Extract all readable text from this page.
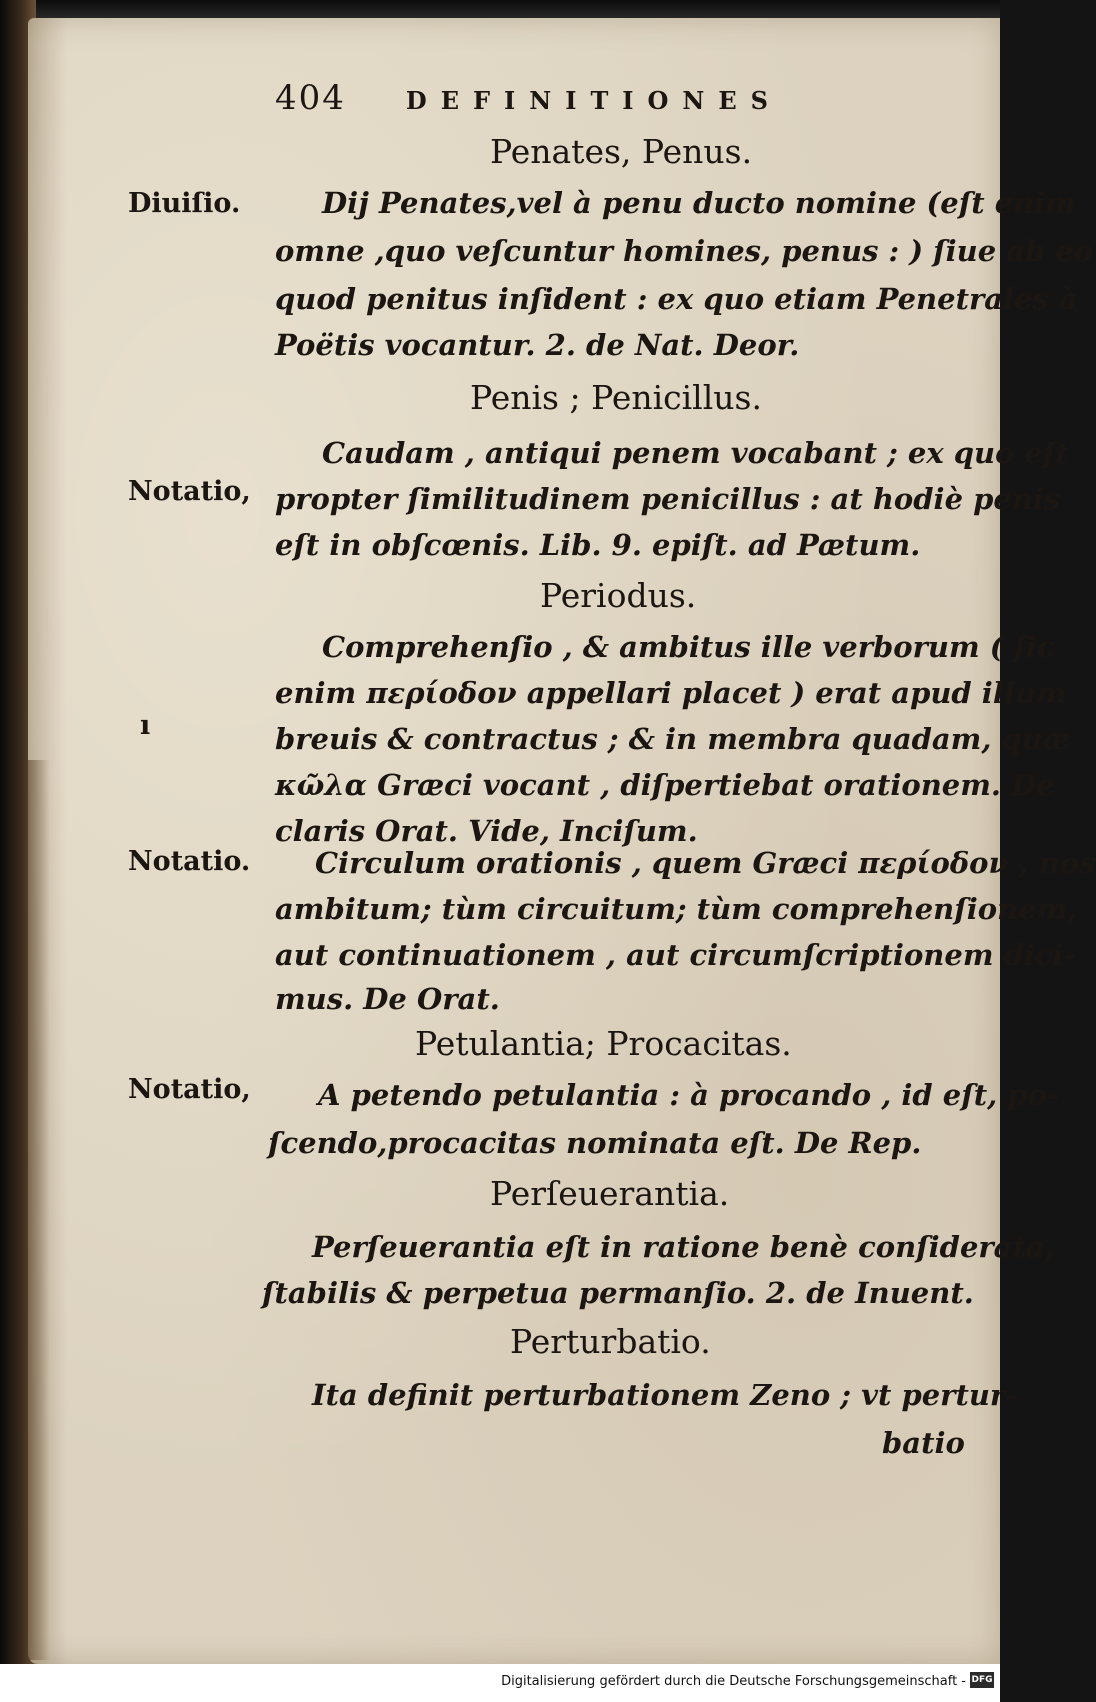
404	DEFINITIONES
Penates, Penus.
Diuiſio.	Dĳ Penates,vel à penu ducto nomine (eſt enim
omne ,quo veſcuntur homines, penus : ) ſiue ab eo
quod penitus inſident : ex quo etiam Penetrales à
Poëtis vocantur. 2. de Nat. Deor.
Penis ; Penicillus.
Caudam , antiqui penem vocabant ; ex quo eſt
Notatio, propter ſimilitudinem penicillus : at hodiè penis
eſt in obſcœnis. Lib. 9. epiſt. ad Pætum.
Periodus.
Comprehenſio , & ambitus ille verborum ( ſic
enim περίοδον appellari placet ) erat apud illum
ı	breuis & contractus ; & in membra quadam, quæ
κῶλα Græci vocant , diſpertiebat orationem. De
claris Orat. Vide, Inciſum.
Notatio. Circulum orationis , quem Græci περίοδον , nos
ambitum; tùm circuitum; tùm comprehenſionem,
aut continuationem , aut circumſcriptionem dici-
mus. De Orat.
Petulantia; Procacitas.
Notatio, A petendo petulantia : à procando , id eſt, po-
ſcendo,procacitas nominata eſt. De Rep.
Perſeuerantia.
Perſeuerantia eſt in ratione benè conſiderata,
ſtabilis & perpetua permanſio. 2. de Inuent.
Perturbatio.
Ita definit perturbationem Zeno ; vt pertur-
batio
Digitalisierung gefördert durch die Deutsche Forschungsgemeinschaft - DFG
